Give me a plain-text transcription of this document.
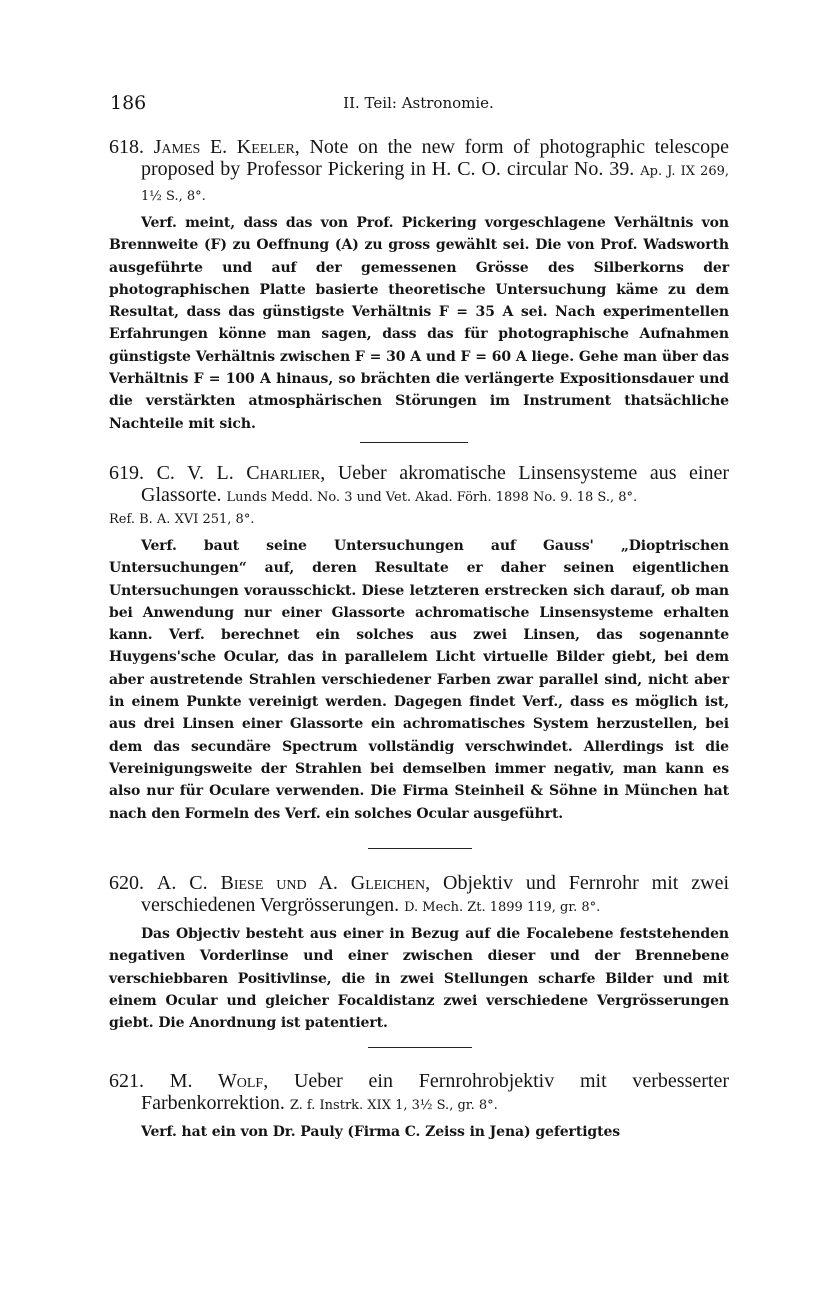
186	II. Teil: Astronomie.

618. James E. Keeler, Note on the new form of photographic telescope proposed by Professor Pickering in H. C. O. circular No. 39. Ap. J. IX 269, 1½ S., 8°.

Verf. meint, dass das von Prof. Pickering vorgeschlagene Verhältnis von Brennweite (F) zu Oeffnung (A) zu gross gewählt sei. Die von Prof. Wadsworth ausgeführte und auf der gemessenen Grösse des Silberkorns der photographischen Platte basierte theoretische Untersuchung käme zu dem Resultat, dass das günstigste Verhältnis F = 35 A sei. Nach experimentellen Erfahrungen könne man sagen, dass das für photographische Aufnahmen günstigste Verhältnis zwischen F = 30 A und F = 60 A liege. Gehe man über das Verhältnis F = 100 A hinaus, so brächten die verlängerte Expositionsdauer und die verstärkten atmosphärischen Störungen im Instrument thatsächliche Nachteile mit sich.

619. C. V. L. Charlier, Ueber akromatische Linsensysteme aus einer Glassorte. Lunds Medd. No. 3 und Vet. Akad. Förh. 1898 No. 9. 18 S., 8°.
Ref. B. A. XVI 251, 8°.

Verf. baut seine Untersuchungen auf Gauss' „Dioptrischen Untersuchungen“ auf, deren Resultate er daher seinen eigentlichen Untersuchungen vorausschickt. Diese letzteren erstrecken sich darauf, ob man bei Anwendung nur einer Glassorte achromatische Linsensysteme erhalten kann. Verf. berechnet ein solches aus zwei Linsen, das sogenannte Huygens'sche Ocular, das in parallelem Licht virtuelle Bilder giebt, bei dem aber austretende Strahlen verschiedener Farben zwar parallel sind, nicht aber in einem Punkte vereinigt werden. Dagegen findet Verf., dass es möglich ist, aus drei Linsen einer Glassorte ein achromatisches System herzustellen, bei dem das secundäre Spectrum vollständig verschwindet. Allerdings ist die Vereinigungsweite der Strahlen bei demselben immer negativ, man kann es also nur für Oculare verwenden. Die Firma Steinheil & Söhne in München hat nach den Formeln des Verf. ein solches Ocular ausgeführt.

620. A. C. Biese und A. Gleichen, Objektiv und Fernrohr mit zwei verschiedenen Vergrösserungen. D. Mech. Zt. 1899 119, gr. 8°.

Das Objectiv besteht aus einer in Bezug auf die Focalebene feststehenden negativen Vorderlinse und einer zwischen dieser und der Brennebene verschiebbaren Positivlinse, die in zwei Stellungen scharfe Bilder und mit einem Ocular und gleicher Focaldistanz zwei verschiedene Vergrösserungen giebt. Die Anordnung ist patentiert.

621. M. Wolf, Ueber ein Fernrohrobjektiv mit verbesserter Farbenkorrektion. Z. f. Instrk. XIX 1, 3½ S., gr. 8°.

Verf. hat ein von Dr. Pauly (Firma C. Zeiss in Jena) gefertigtes
